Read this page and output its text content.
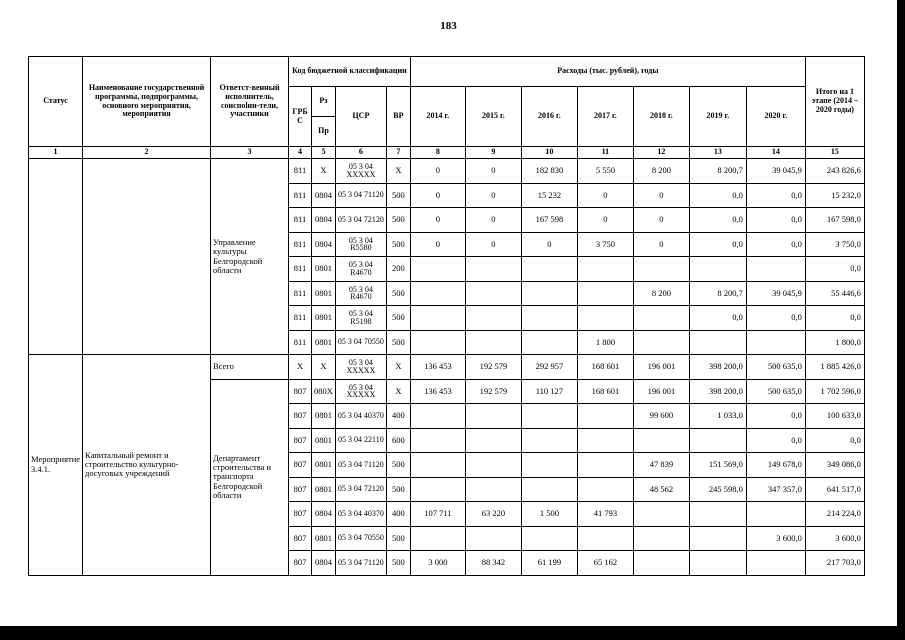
183
Статус	Наименование государственной программы, подпрограммы, основного мероприятия, мероприятия	Ответст-венный исполнитель, соиспolни-тели, участники	Код бюджетной классификации				Расходы (тыс. рублей), годы							Итого на 1 этапе (2014 – 2020 годы)
			ГРБ С	Рз	ЦСР	ВР	2014 г.	2015 г.	2016 г.	2017 г.	2018 г.	2019 г.	2020 г.	
				Пр										
1	2	3	4	5	6	7	8	9	10	11	12	13	14	15
		Управление культуры Белгородской области	811	X	05 3 04 XXXXX	X	0	0	182 830	5 550	8 200	8 200,7	39 045,9	243 826,6
			811	0804	05 3 04 71120	500	0	0	15 232	0	0	0,0	0,0	15 232,0
			811	0804	05 3 04 72120	500	0	0	167 598	0	0	0,0	0,0	167 598,0
			811	0804	05 3 04 R5580	500	0	0	0	3 750	0	0,0	0,0	3 750,0
			811	0801	05 3 04 R4670	200								0,0
			811	0801	05 3 04 R4670	500					8 200	8 200,7	39 045,9	55 446,6
			811	0801	05 3 04 R5198	500						0,0	0,0	0,0
			811	0801	05 3 04 70550	500				1 800				1 800,0
Мероприятие 3.4.1.	Капитальный ремонт и строительство культурно-досуговых учреждений	Всего	X	X	05 3 04 XXXXX	X	136 453	192 579	292 957	168 601	196 001	398 200,0	500 635,0	1 885 426,0
		Департамент строительства и транспорта Белгородской области	807	080X	05 3 04 XXXXX	X	136 453	192 579	110 127	168 601	196 001	398 200,0	500 635,0	1 702 596,0
			807	0801	05 3 04 40370	400					99 600	1 033,0	0,0	100 633,0
			807	0801	05 3 04 22110	600							0,0	0,0
			807	0801	05 3 04 71120	500					47 839	151 569,0	149 678,0	349 086,0
			807	0801	05 3 04 72120	500					48 562	245 598,0	347 357,0	641 517,0
			807	0804	05 3 04 40370	400	107 711	63 220	1 500	41 793				214 224,0
			807	0801	05 3 04 70550	500							3 600,0	3 600,0
			807	0804	05 3 04 71120	500	3 000	88 342	61 199	65 162				217 703,0
